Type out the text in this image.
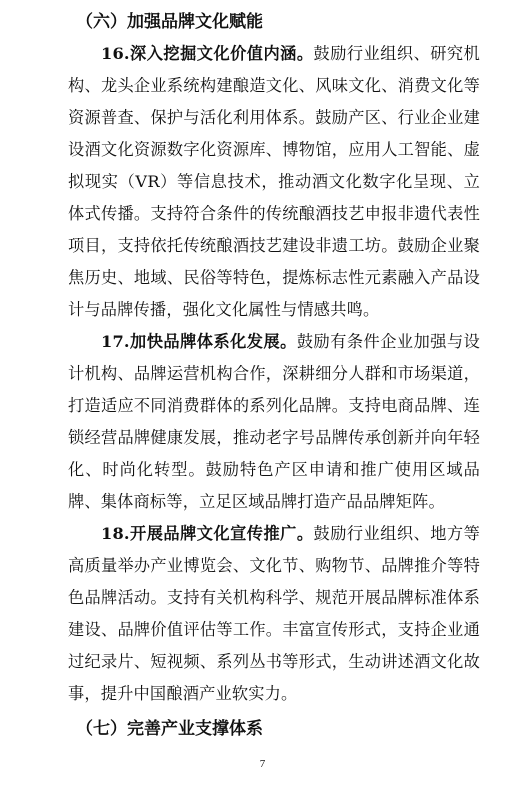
（六）加强品牌文化赋能

16.深入挖掘文化价值内涵。鼓励行业组织、研究机构、龙头企业系统构建酿造文化、风味文化、消费文化等资源普查、保护与活化利用体系。鼓励产区、行业企业建设酒文化资源数字化资源库、博物馆，应用人工智能、虚拟现实（VR）等信息技术，推动酒文化数字化呈现、立体式传播。支持符合条件的传统酿酒技艺申报非遗代表性项目，支持依托传统酿酒技艺建设非遗工坊。鼓励企业聚焦历史、地域、民俗等特色，提炼标志性元素融入产品设计与品牌传播，强化文化属性与情感共鸣。

17.加快品牌体系化发展。鼓励有条件企业加强与设计机构、品牌运营机构合作，深耕细分人群和市场渠道，打造适应不同消费群体的系列化品牌。支持电商品牌、连锁经营品牌健康发展，推动老字号品牌传承创新并向年轻化、时尚化转型。鼓励特色产区申请和推广使用区域品牌、集体商标等，立足区域品牌打造产品品牌矩阵。

18.开展品牌文化宣传推广。鼓励行业组织、地方等高质量举办产业博览会、文化节、购物节、品牌推介等特色品牌活动。支持有关机构科学、规范开展品牌标准体系建设、品牌价值评估等工作。丰富宣传形式，支持企业通过纪录片、短视频、系列丛书等形式，生动讲述酒文化故事，提升中国酿酒产业软实力。

（七）完善产业支撑体系
7
